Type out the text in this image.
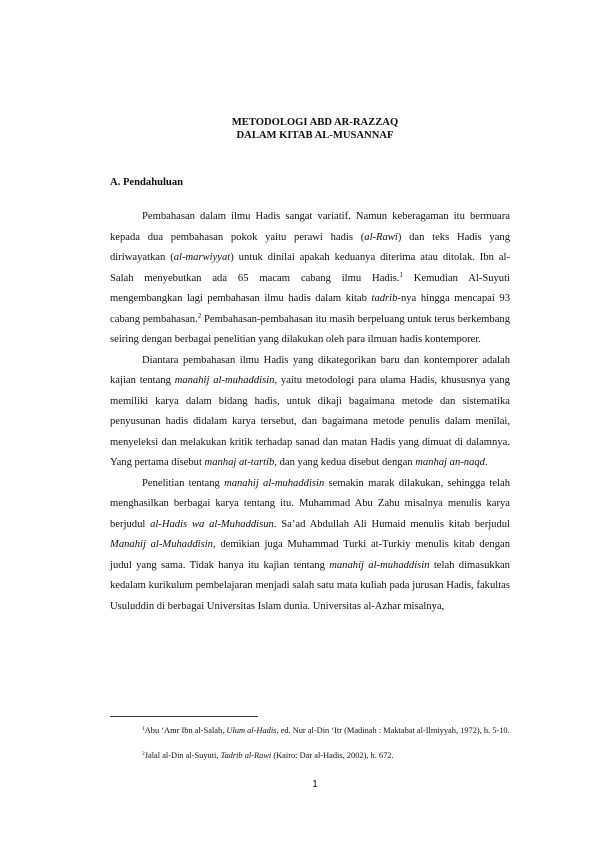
METODOLOGI ABD AR-RAZZAQ
DALAM KITAB AL-MUSANNAF
A. Pendahuluan

Pembahasan dalam ilmu Hadis sangat variatif. Namun keberagaman itu bermuara kepada dua pembahasan pokok yaitu perawi hadis (al-Rawi) dan teks Hadis yang diriwayatkan (al-marwiyyat) untuk dinilai apakah keduanya diterima atau ditolak. Ibn al-Salah menyebutkan ada 65 macam cabang ilmu Hadis.$^1$ Kemudian Al-Suyuti mengembangkan lagi pembahasan ilmu hadis dalam kitab tadrib-nya hingga mencapai 93 cabang pembahasan.$^2$ Pembahasan-pembahasan itu masih berpeluang untuk terus berkembang seiring dengan berbagai penelitian yang dilakukan oleh para ilmuan hadis kontemporer.

Diantara pembahasan ilmu Hadis yang dikategorikan baru dan kontemporer adalah kajian tentang manahij al-muhaddisin, yaitu metodologi para ulama Hadis, khususnya yang memiliki karya dalam bidang hadis, untuk dikaji bagaimana metode dan sistematika penyusunan hadis didalam karya tersebut, dan bagaimana metode penulis dalam menilai, menyeleksi dan melakukan kritik terhadap sanad dan matan Hadis yang dimuat di dalamnya. Yang pertama disebut manhaj at-tartib, dan yang kedua disebut dengan manhaj an-naqd.

Penelitian tentang manahij al-muhaddisin semakin marak dilakukan, sehingga telah menghasilkan berbagai karya tentang itu. Muhammad Abu Zahu misalnya menulis karya berjudul al-Hadis wa al-Muhaddisun. Sa’ad Abdullah Ali Humaid menulis kitab berjudul Manahij al-Muhaddisin, demikian juga Muhammad Turki at-Turkiy menulis kitab dengan judul yang sama. Tidak hanya itu kajian tentang manahij al-muhaddisin telah dimasukkan kedalam kurikulum pembelajaran menjadi salah satu mata kuliah pada jurusan Hadis, fakultas Usuluddin di berbagai Universitas Islam dunia. Universitas al-Azhar misalnya,

$^1$Abu ‘Amr Ibn al-Salah, Ulum al-Hadis, ed. Nur al-Din ‘Itr (Madinah : Maktabat al-Ilmiyyah, 1972), h. 5-10.

$^2$Jalal al-Din al-Suyuti, Tadrib al-Rawi (Kairo: Dar al-Hadis, 2002), h. 672.

1
